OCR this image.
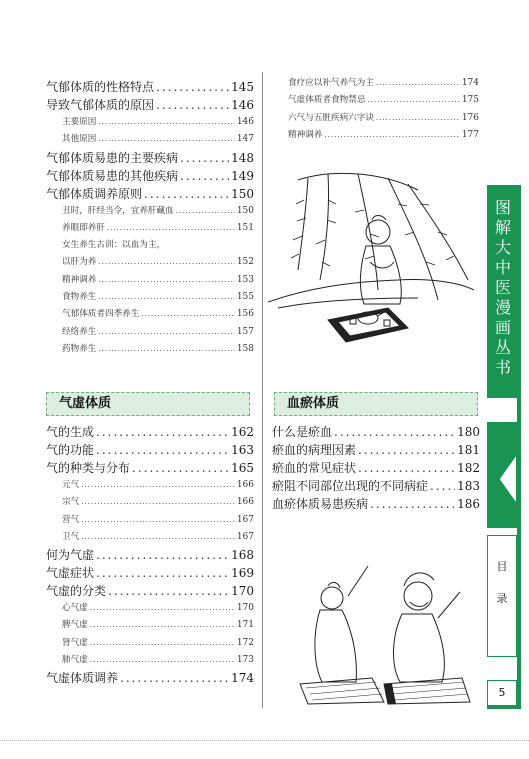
气郁体质的性格特点 .....	145
导致气郁体质的原因 .....	146
主要原因 .....	146
其他原因 .....	147
气郁体质易患的主要疾病 .....	148
气郁体质易患的其他疾病 .....	149
气郁体质调养原则 .....	150
丑时，肝经当令，宜养肝藏血 .....	150
养眼即养肝 .....	151
女生养生古训：以血为主，
以肝为养 .....	152
精神调养 .....	153
食物养生 .....	155
气郁体质者四季养生 .....	156
经络养生 .....	157
药物养生 .....	158
气虚体质
气的生成 .....	162
气的功能 .....	163
气的种类与分布 .....	165
元气 .....	166
宗气 .....	166
营气 .....	167
卫气 .....	167
何为气虚 .....	168
气虚症状 .....	169
气虚的分类 .....	170
心气虚 .....	170
脾气虚 .....	171
肾气虚 .....	172
肺气虚 .....	173
气虚体质调养 .....	174
食疗应以补气养气为主 .....	174
气虚体质者食物禁忌 .....	175
六气与五脏疾病六字诀 .....	176
精神调养 .....	177
血瘀体质
什么是瘀血 .....	180
瘀血的病理因素 .....	181
瘀血的常见症状 .....	182
瘀阻不同部位出现的不同病症 ..... 183
血瘀体质易患疾病 .....	186
图
解
大
中
医
漫
画
丛
书
目
录
5
